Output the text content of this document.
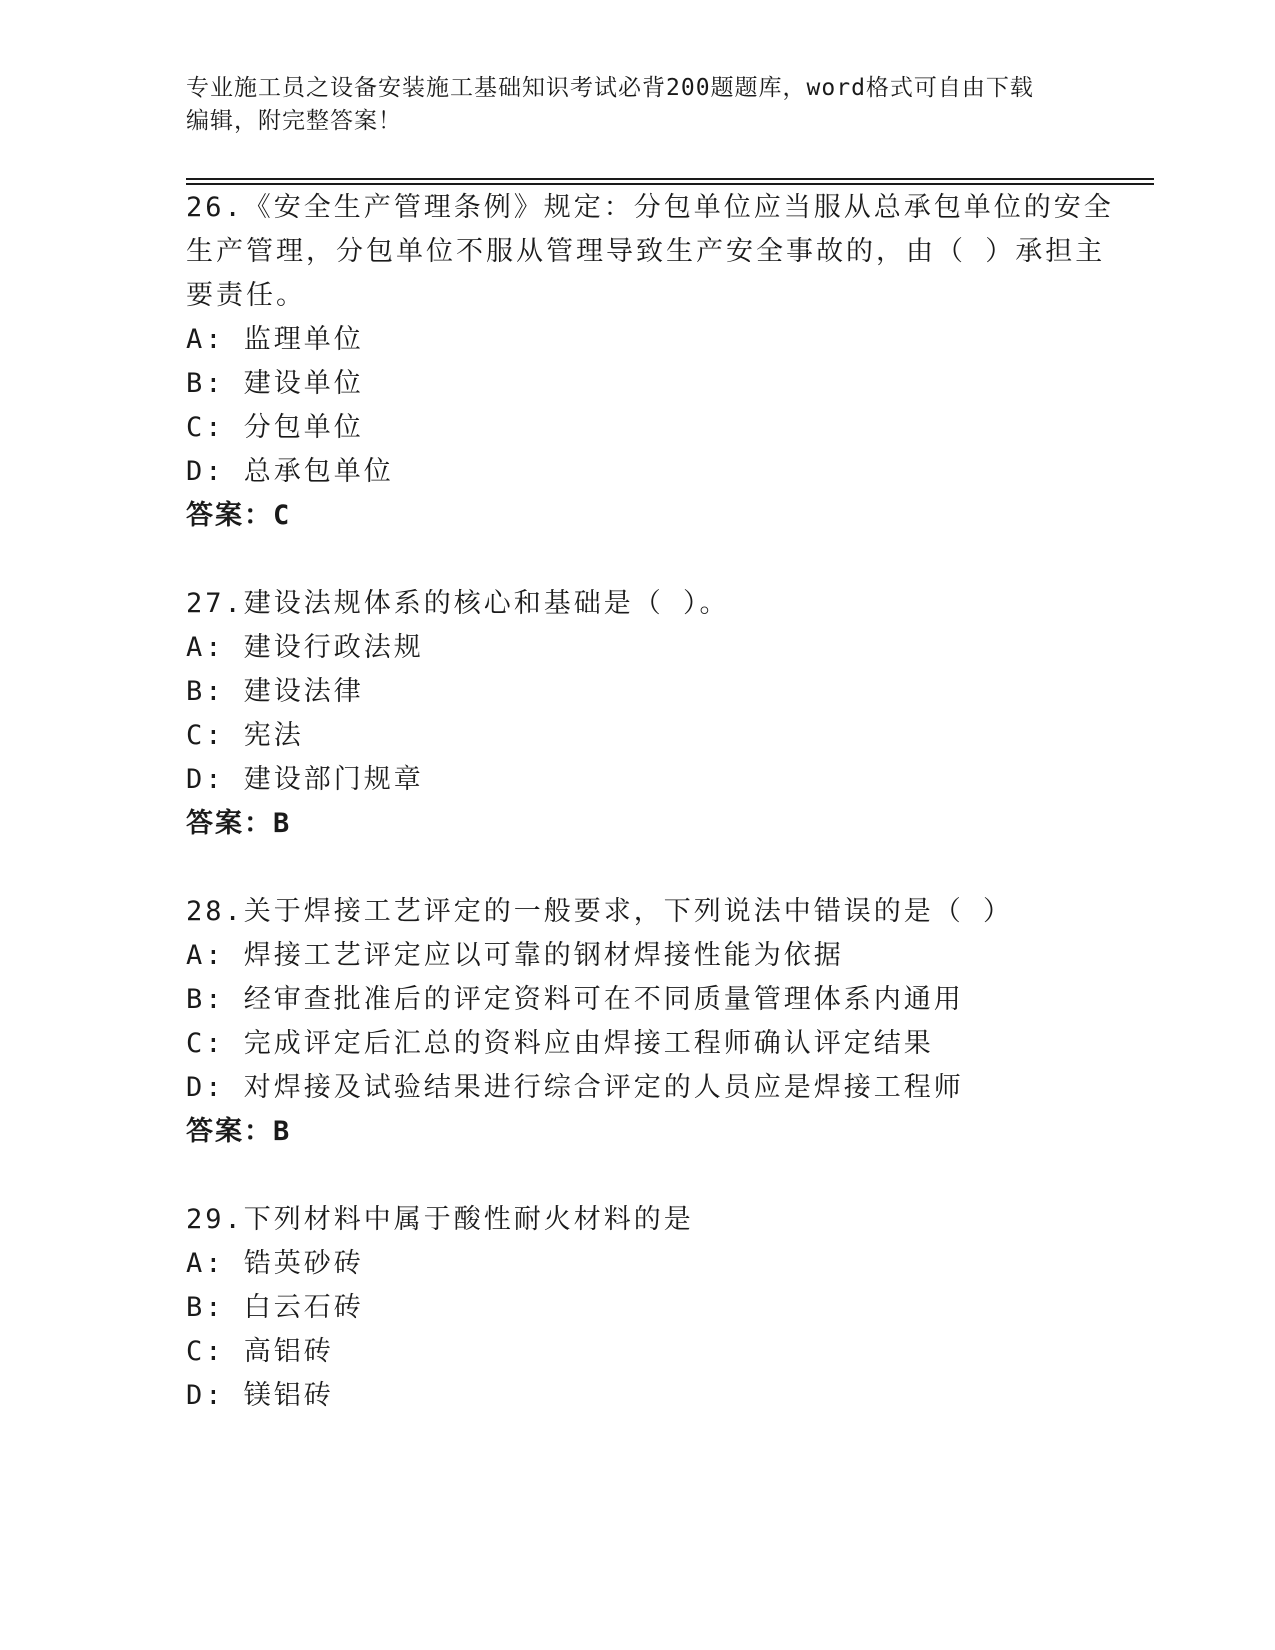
专业施工员之设备安装施工基础知识考试必背200题题库，word格式可自由下载
编辑，附完整答案！
26.《安全生产管理条例》规定：分包单位应当服从总承包单位的安全
生产管理，分包单位不服从管理导致生产安全事故的，由（ ）承担主
要责任。
A: 监理单位
B: 建设单位
C: 分包单位
D: 总承包单位
答案：C
27.建设法规体系的核心和基础是（ ）。
A: 建设行政法规
B: 建设法律
C: 宪法
D: 建设部门规章
答案：B
28.关于焊接工艺评定的一般要求，下列说法中错误的是（ ）
A: 焊接工艺评定应以可靠的钢材焊接性能为依据
B: 经审查批准后的评定资料可在不同质量管理体系内通用
C: 完成评定后汇总的资料应由焊接工程师确认评定结果
D: 对焊接及试验结果进行综合评定的人员应是焊接工程师
答案：B
29.下列材料中属于酸性耐火材料的是
A: 锆英砂砖
B: 白云石砖
C: 高铝砖
D: 镁铝砖
